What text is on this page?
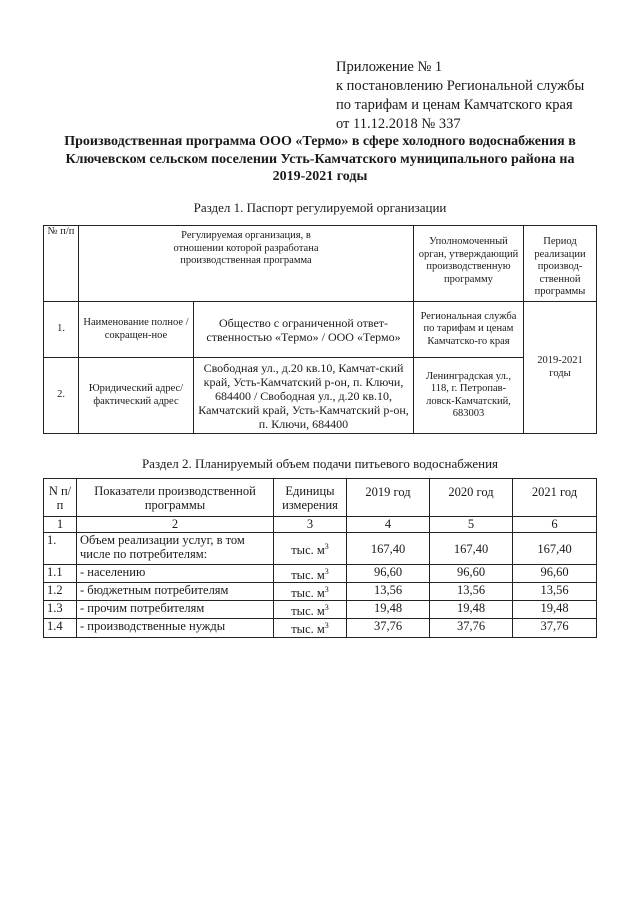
Приложение № 1
к постановлению Региональной службы
по тарифам и ценам Камчатского края
от 11.12.2018 № 337
Производственная программа ООО «Термо» в сфере холодного водоснабжения в Ключевском сельском поселении Усть-Камчатского муниципального района на 2019-2021 годы
Раздел 1. Паспорт регулируемой организации
№ п/п	Регулируемая организация, в отношении которой разработана производственная программа		Уполномоченный орган, утверждающий производственную программу	Период реализации производ-ственной программы
1.	Наименование полное / сокращен-ное	Общество с ограниченной ответ-ственностью «Термо» / ООО «Термо»	Региональная служба по тарифам и ценам Камчатско-го края	2019-2021 годы
2.	Юридический адрес/фактический адрес	Свободная ул., д.20 кв.10, Камчат-ский край, Усть-Камчатский р-он, п. Ключи, 684400 / Свободная ул., д.20 кв.10, Камчатский край, Усть-Камчатский р-он, п. Ключи, 684400	Ленинградская ул., 118, г. Петропав-ловск-Камчатский, 683003	
Раздел 2. Планируемый объем подачи питьевого водоснабжения
N п/п	Показатели производственной программы	Единицы измерения	2019 год	2020 год	2021 год
1	2	3	4	5	6
1.	Объем реализации услуг, в том числе по потребителям:	тыс. $м^3$	167,40	167,40	167,40
1.1	- населению	тыс. $м^3$	96,60	96,60	96,60
1.2	- бюджетным потребителям	тыс. $м^3$	13,56	13,56	13,56
1.3	- прочим потребителям	тыс. $м^3$	19,48	19,48	19,48
1.4	- производственные нужды	тыс. $м^3$	37,76	37,76	37,76
